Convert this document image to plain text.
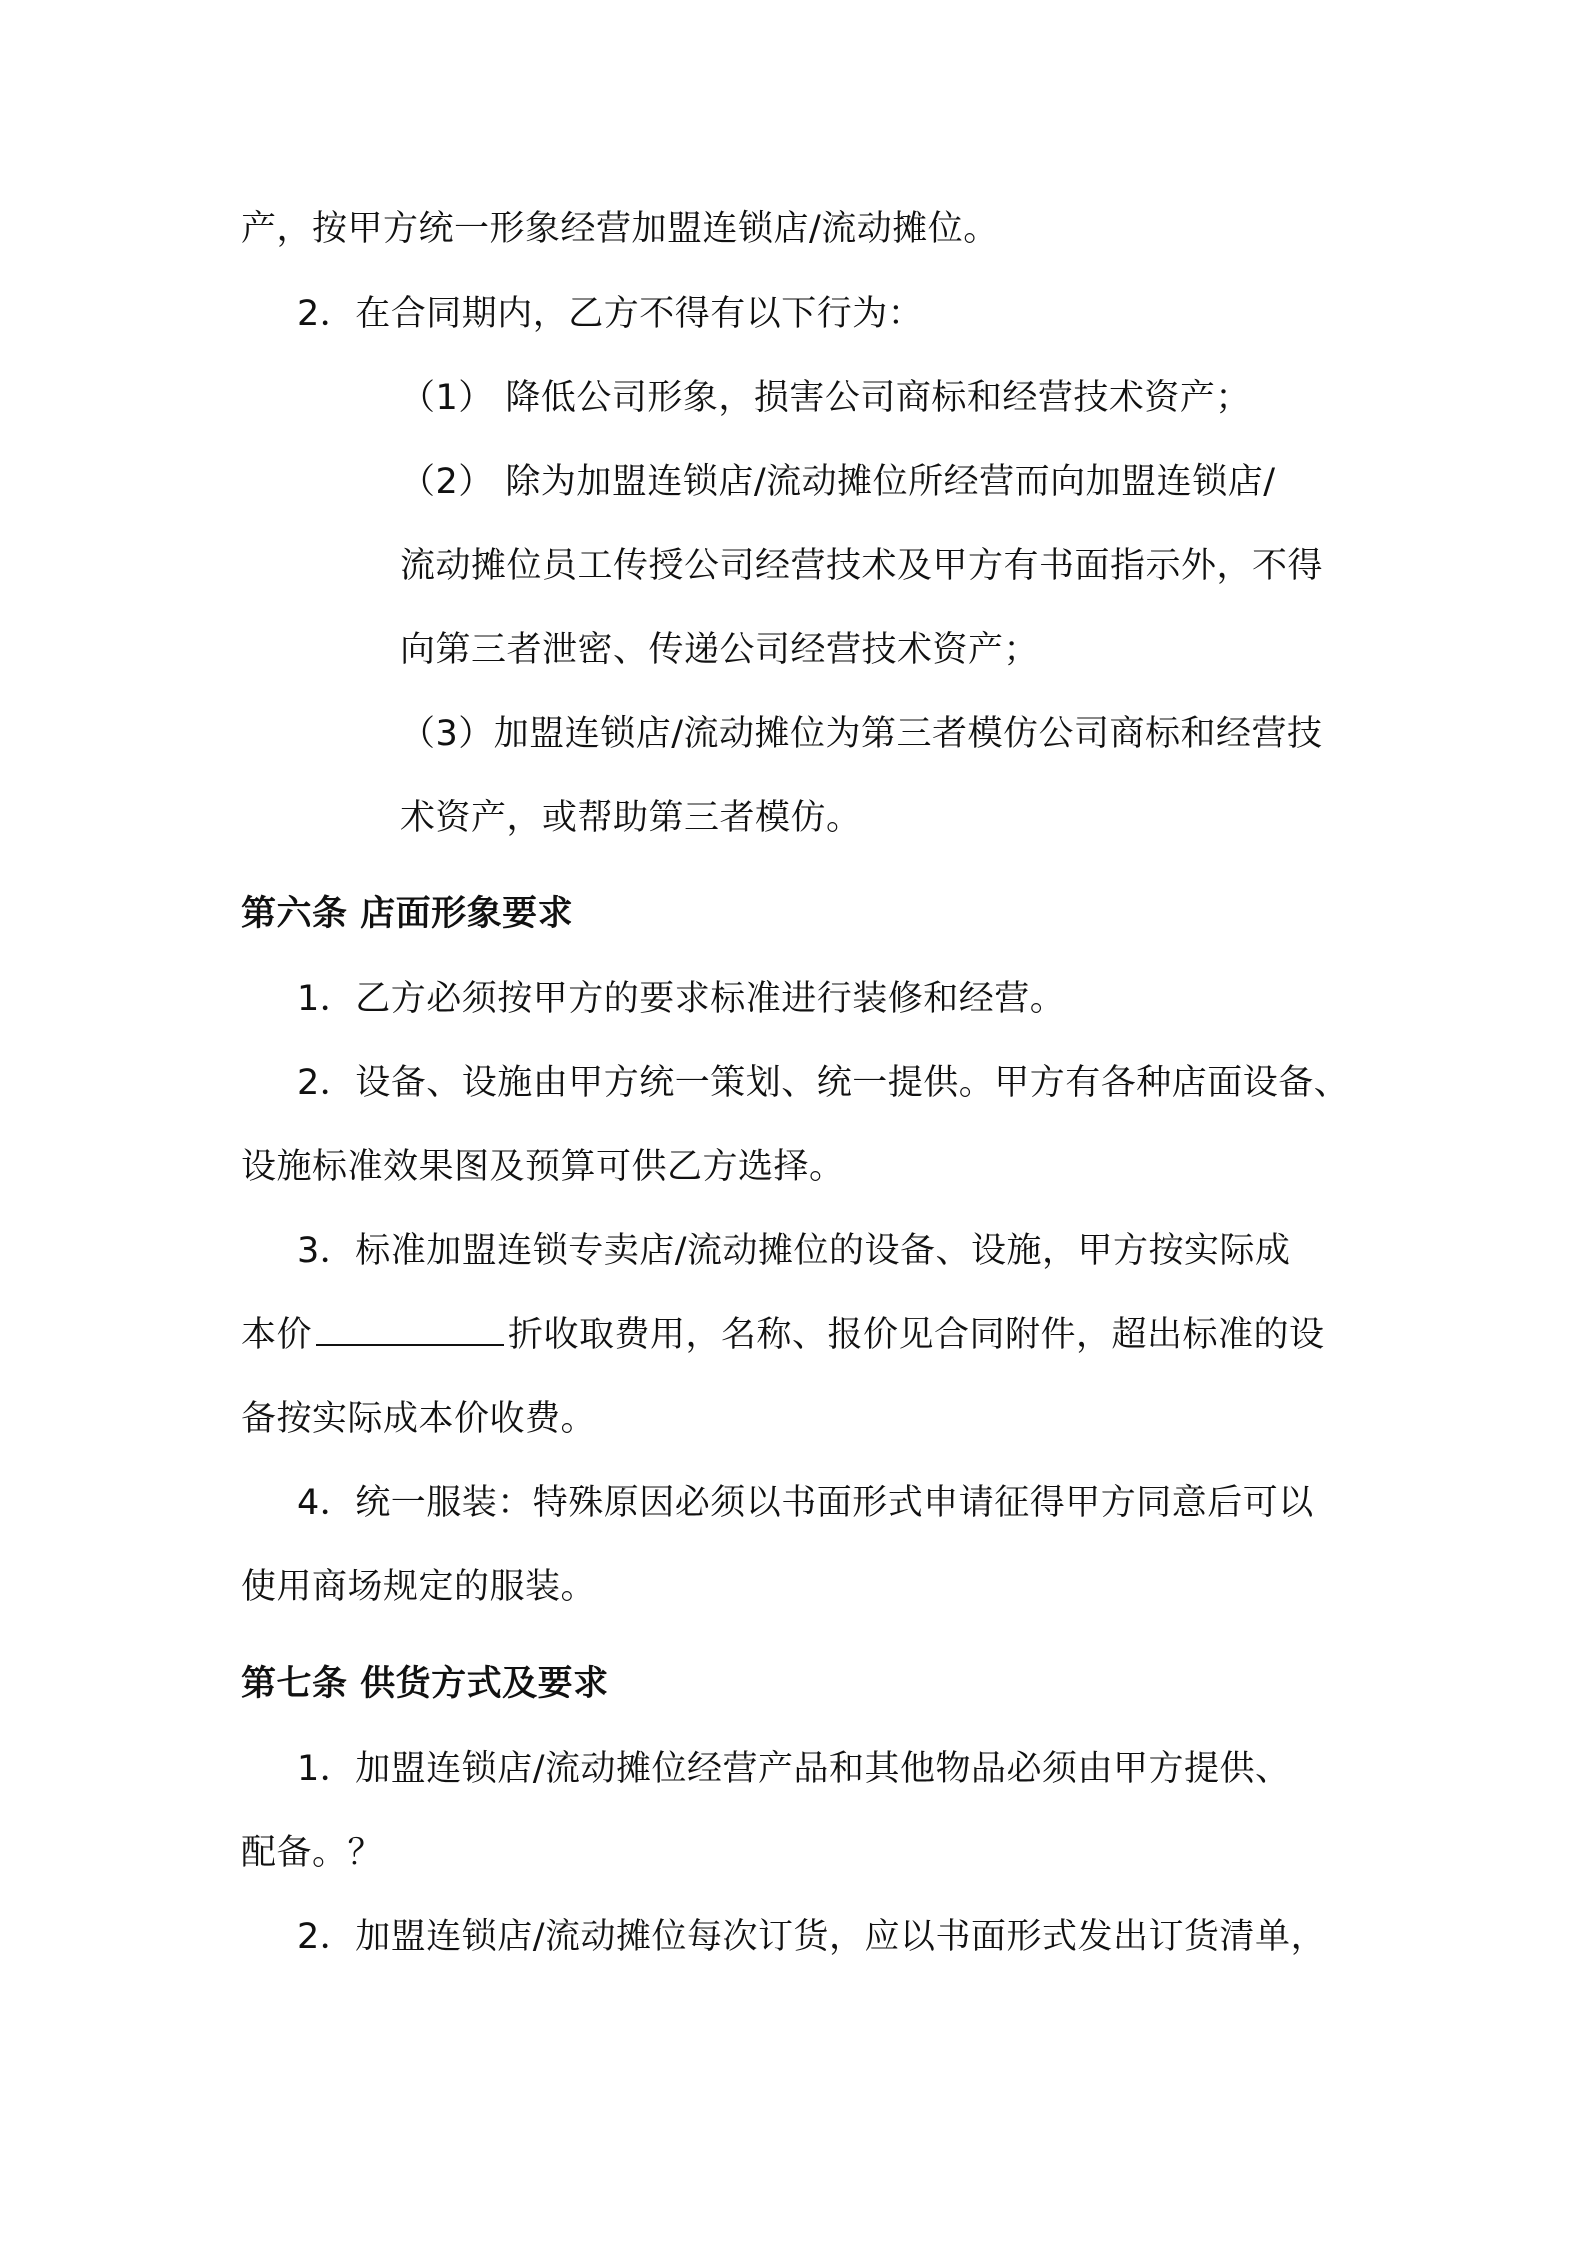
产，按甲方统一形象经营加盟连锁店/流动摊位。
2．在合同期内，乙方不得有以下行为：
（1） 降低公司形象，损害公司商标和经营技术资产；
（2） 除为加盟连锁店/流动摊位所经营而向加盟连锁店/
流动摊位员工传授公司经营技术及甲方有书面指示外，不得
向第三者泄密、传递公司经营技术资产；
（3）加盟连锁店/流动摊位为第三者模仿公司商标和经营技
术资产，或帮助第三者模仿。
第六条 店面形象要求
1．乙方必须按甲方的要求标准进行装修和经营。
2．设备、设施由甲方统一策划、统一提供。甲方有各种店面设备、
设施标准效果图及预算可供乙方选择。
3．标准加盟连锁专卖店/流动摊位的设备、设施，甲方按实际成
本价	折收取费用，名称、报价见合同附件，超出标准的设
备按实际成本价收费。
4．统一服装：特殊原因必须以书面形式申请征得甲方同意后可以
使用商场规定的服装。
第七条 供货方式及要求
1．加盟连锁店/流动摊位经营产品和其他物品必须由甲方提供、
配备。？
2．加盟连锁店/流动摊位每次订货，应以书面形式发出订货清单，
